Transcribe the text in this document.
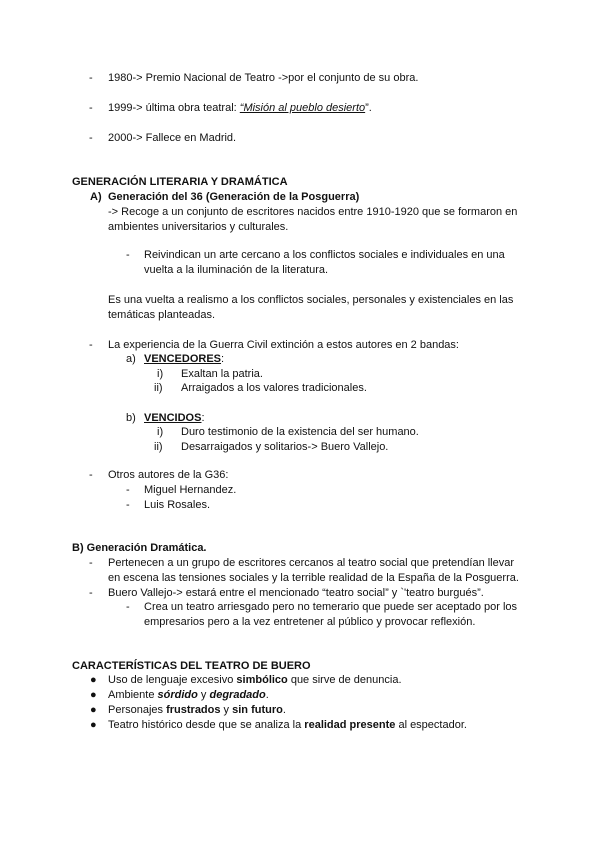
- 1980-> Premio Nacional de Teatro ->por el conjunto de su obra.
- 1999-> última obra teatral: “Misión al pueblo desierto”.
- 2000-> Fallece en Madrid.
GENERACIÓN LITERARIA Y DRAMÁTICA
A) Generación del 36 (Generación de la Posguerra)
-> Recoge a un conjunto de escritores nacidos entre 1910-1920 que se formaron en
ambientes universitarios y culturales.
- Reivindican un arte cercano a los conflictos sociales e individuales en una
vuelta a la iluminación de la literatura.
Es una vuelta a realismo a los conflictos sociales, personales y existenciales en las
temáticas planteadas.
- La experiencia de la Guerra Civil extinción a estos autores en 2 bandas:
a) VENCEDORES:
i) Exaltan la patria.
ii) Arraigados a los valores tradicionales.
b) VENCIDOS:
i) Duro testimonio de la existencia del ser humano.
ii) Desarraigados y solitarios-> Buero Vallejo.
- Otros autores de la G36:
- Miguel Hernandez.
- Luis Rosales.
B) Generación Dramática.
- Pertenecen a un grupo de escritores cercanos al teatro social que pretendían llevar
en escena las tensiones sociales y la terrible realidad de la España de la Posguerra.
- Buero Vallejo-> estará entre el mencionado “teatro social” y `'teatro burgués”.
- Crea un teatro arriesgado pero no temerario que puede ser aceptado por los
empresarios pero a la vez entretener al público y provocar reflexión.
CARACTERÍSTICAS DEL TEATRO DE BUERO
● Uso de lenguaje excesivo simbólico que sirve de denuncia.
● Ambiente sórdido y degradado.
● Personajes frustrados y sin futuro.
● Teatro histórico desde que se analiza la realidad presente al espectador.
